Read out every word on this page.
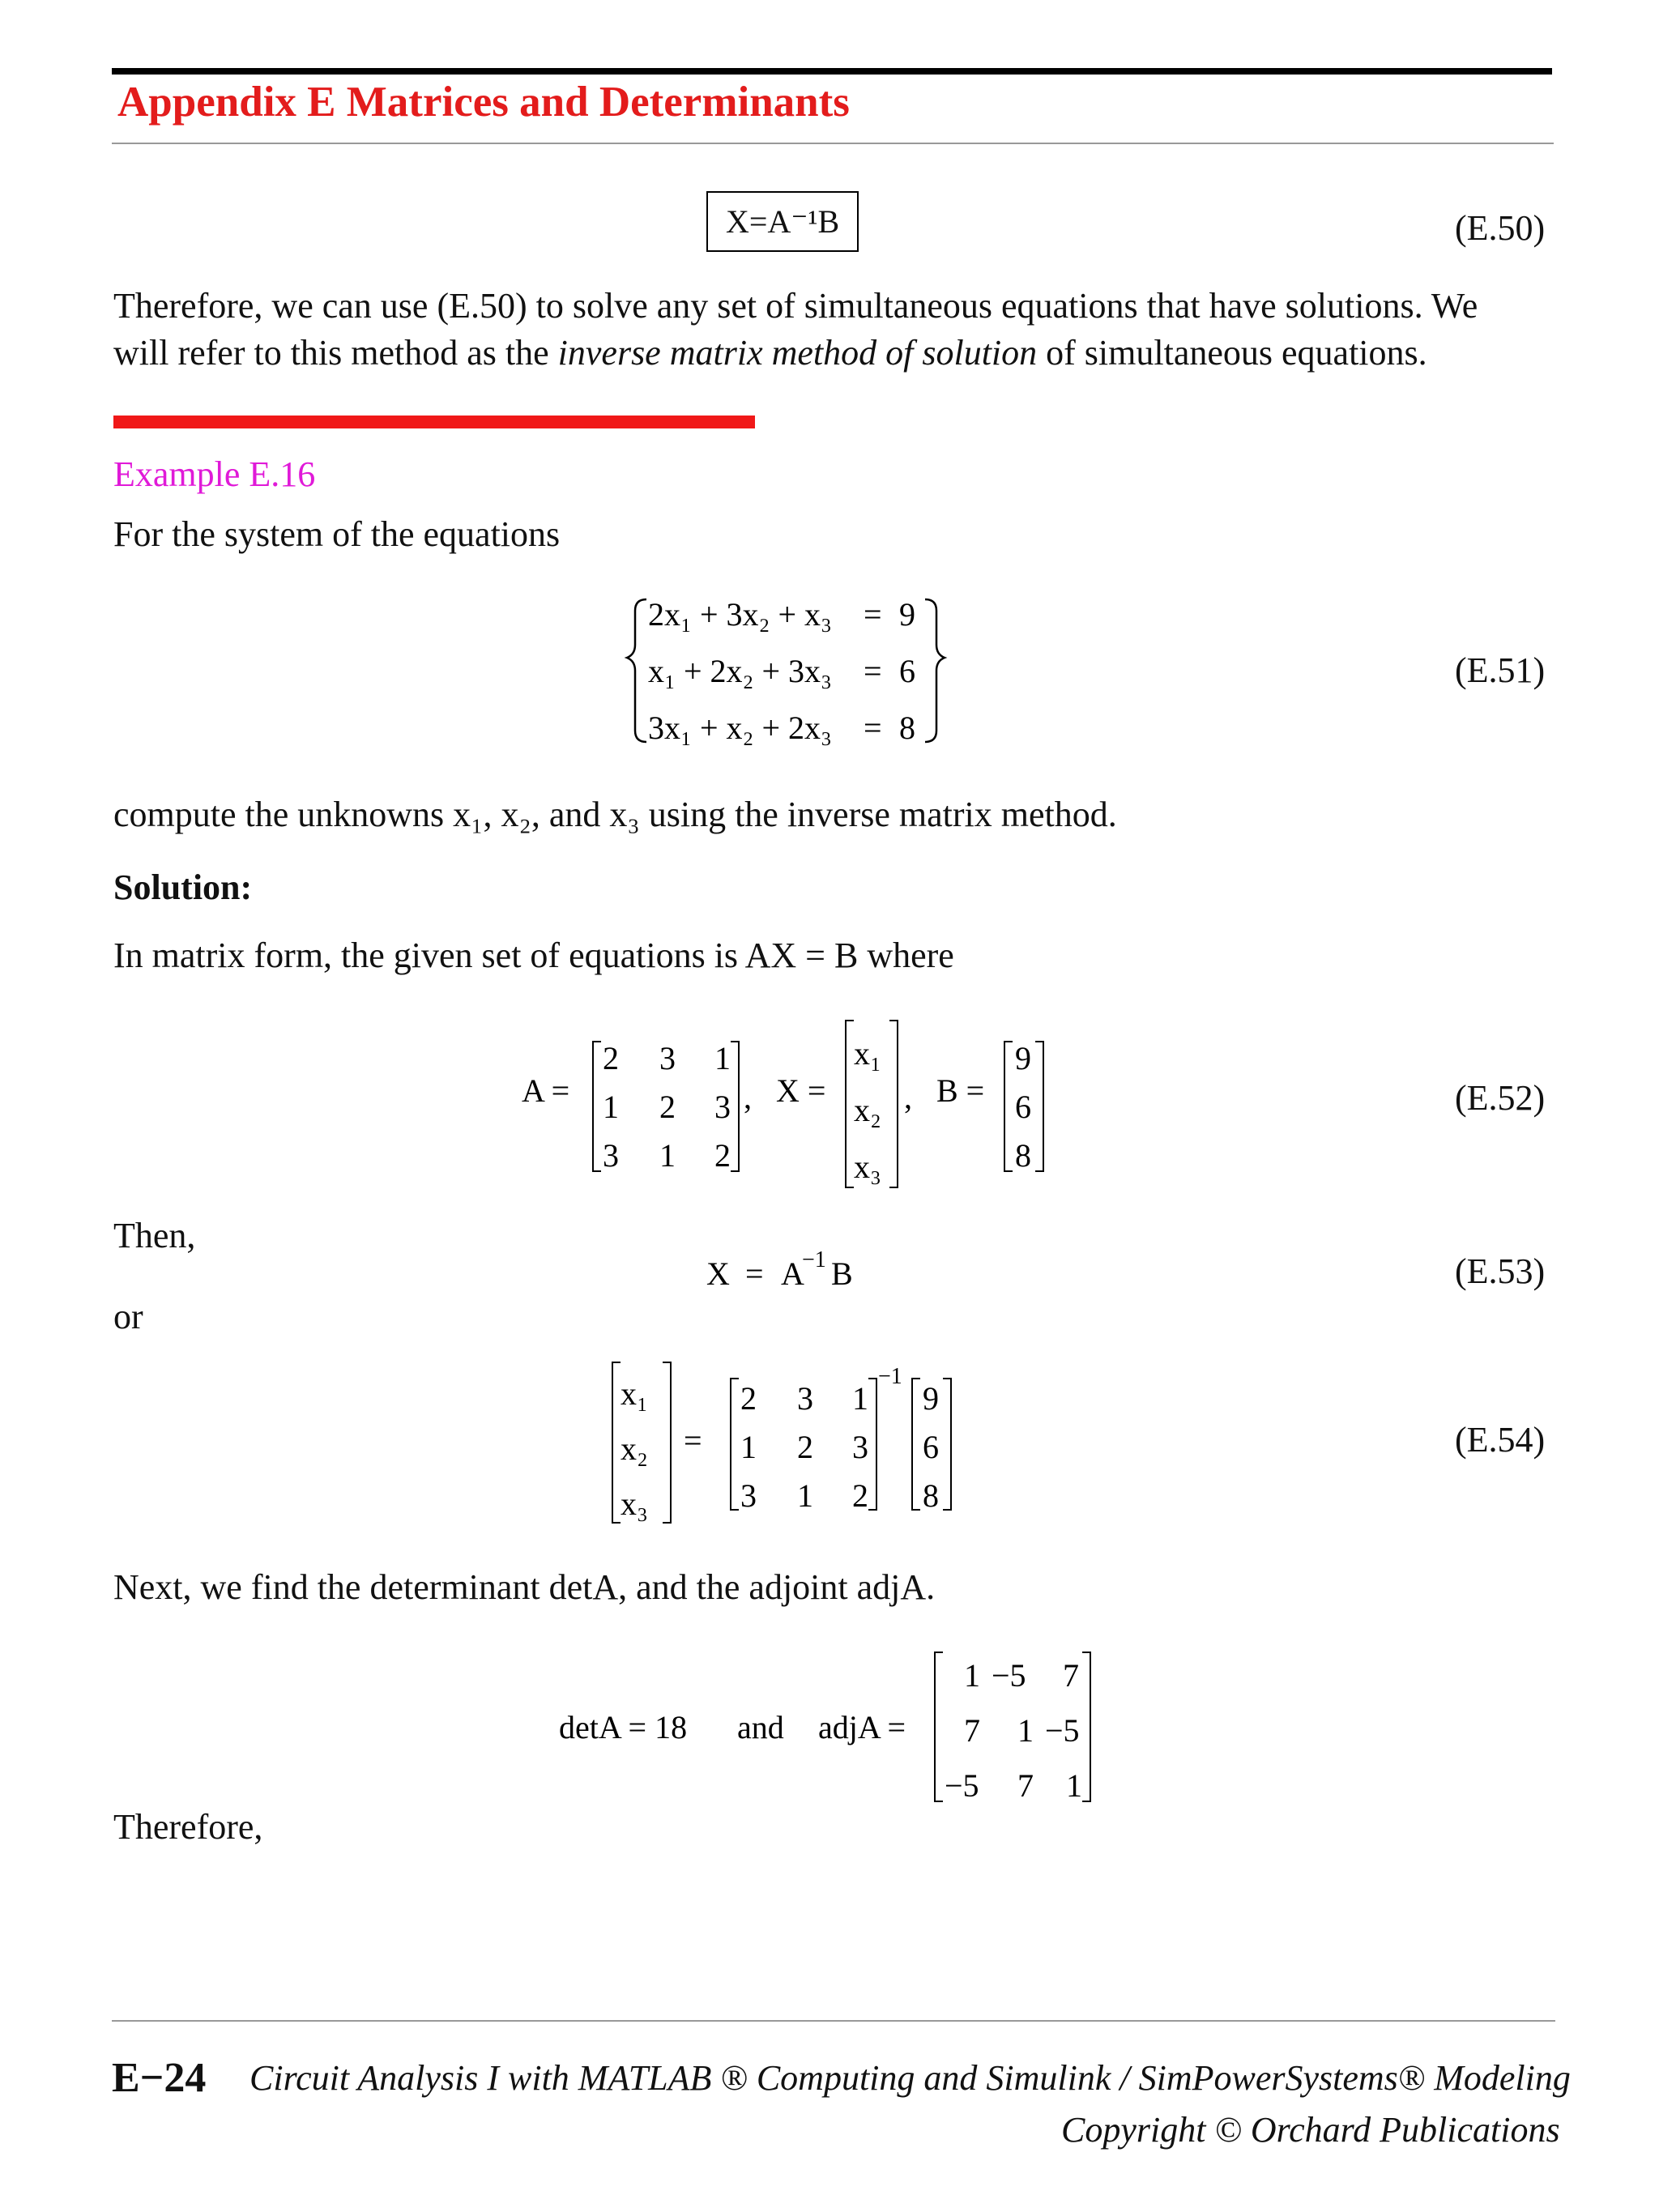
Appendix E Matrices and Determinants
X=A⁻¹B	(E.50)
Therefore, we can use (E.50) to solve any set of simultaneous equations that have solutions. We
will refer to this method as the inverse matrix method of solution of simultaneous equations.
Example E.16
For the system of the equations
2x₁ + 3x₂ + x₃ = 9
x₁ + 2x₂ + 3x₃ = 6
3x₁ + x₂ + 2x₃ = 8
(E.51)
compute the unknowns x₁, x₂, and x₃ using the inverse matrix method.
Solution:
In matrix form, the given set of equations is AX = B where
A =
2 3 1
1 2 3
3 1 2
, X =
x₁
x₂
x₃
, B =
9
6
8
(E.52)
Then,
X = A
−1 B	(E.53)
or
x₁
x₂
x₃
=
2 3 1
1 2 3
3 1 2
−1
9
6
8
(E.54)
Next, we find the determinant detA, and the adjoint adjA.
detA = 18 and adjA =
1 −5 7
7 1 −5
−5 7 1
Therefore,
E−24 Circuit Analysis I with MATLAB ® Computing and Simulink / SimPowerSystems® Modeling
Copyright © Orchard Publications
